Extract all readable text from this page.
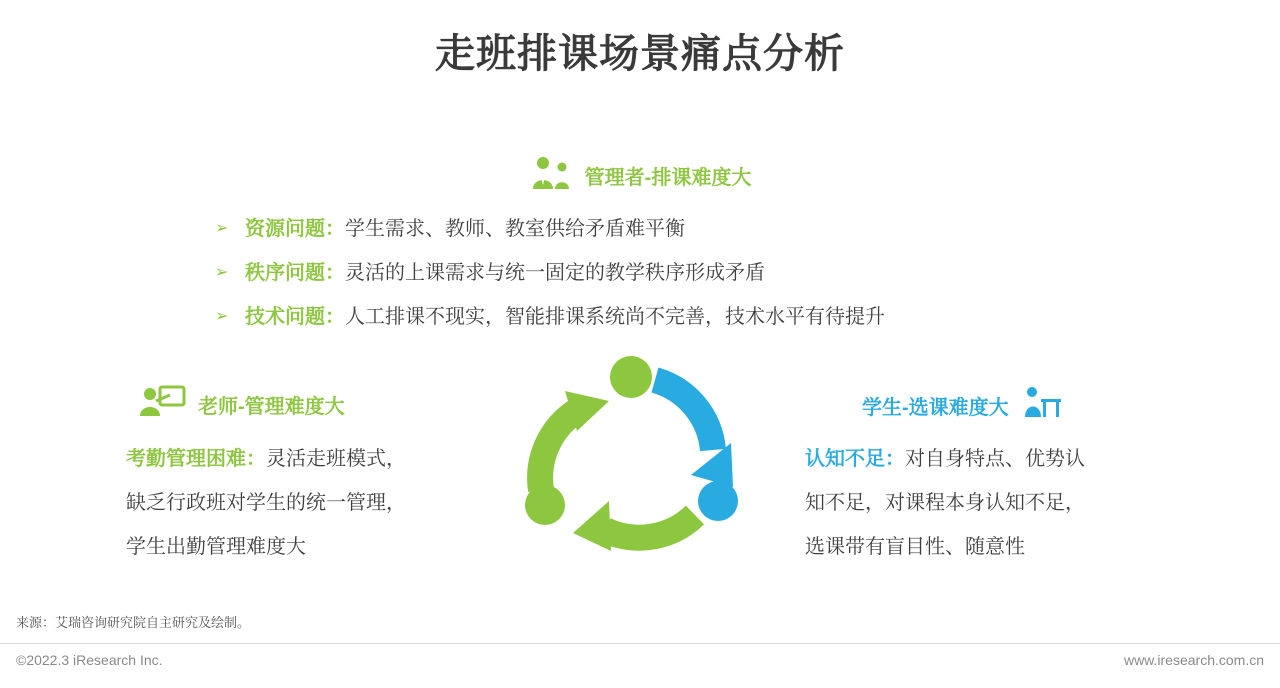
走班排课场景痛点分析
管理者-排课难度大
➢ 资源问题： 学生需求、教师、教室供给矛盾难平衡
➢ 秩序问题： 灵活的上课需求与统一固定的教学秩序形成矛盾
➢ 技术问题： 人工排课不现实，智能排课系统尚不完善，技术水平有待提升
老师-管理难度大
考勤管理困难：灵活走班模式，
缺乏行政班对学生的统一管理，
学生出勤管理难度大
学生-选课难度大
认知不足：对自身特点、优势认
知不足，对课程本身认知不足，
选课带有盲目性、随意性
来源：艾瑞咨询研究院自主研究及绘制。
©2022.3 iResearch Inc.	www.iresearch.com.cn
